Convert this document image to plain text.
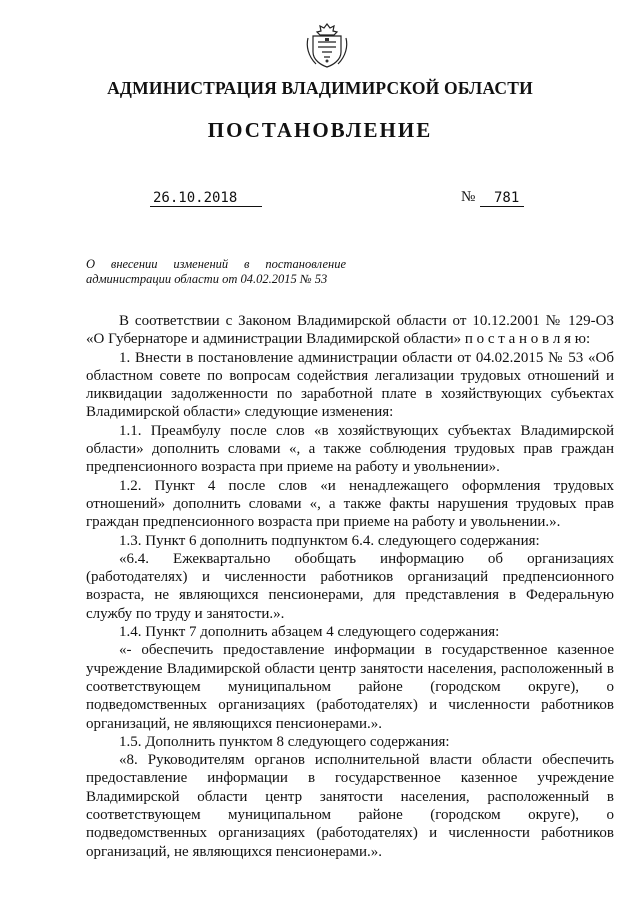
АДМИНИСТРАЦИЯ ВЛАДИМИРСКОЙ ОБЛАСТИ
ПОСТАНОВЛЕНИЕ
26.10.2018	№ 781
О внесении изменений в постановление администрации области от 04.02.2015 № 53

В соответствии с Законом Владимирской области от 10.12.2001 № 129-ОЗ «О Губернаторе и администрации Владимирской области» п о с т а н о в л я ю:

1. Внести в постановление администрации области от 04.02.2015 № 53 «Об областном совете по вопросам содействия легализации трудовых отношений и ликвидации задолженности по заработной плате в хозяйствующих субъектах Владимирской области» следующие изменения:

1.1. Преамбулу после слов «в хозяйствующих субъектах Владимирской области» дополнить словами «, а также соблюдения трудовых прав граждан предпенсионного возраста при приеме на работу и увольнении».

1.2. Пункт 4 после слов «и ненадлежащего оформления трудовых отношений» дополнить словами «, а также факты нарушения трудовых прав граждан предпенсионного возраста при приеме на работу и увольнении.».

1.3. Пункт 6 дополнить подпунктом 6.4. следующего содержания:

«6.4. Ежеквартально обобщать информацию об организациях (работодателях) и численности работников организаций предпенсионного возраста, не являющихся пенсионерами, для представления в Федеральную службу по труду и занятости.».

1.4. Пункт 7 дополнить абзацем 4 следующего содержания:

«- обеспечить предоставление информации в государственное казенное учреждение Владимирской области центр занятости населения, расположенный в соответствующем муниципальном районе (городском округе), о подведомственных организациях (работодателях) и численности работников организаций, не являющихся пенсионерами.».

1.5. Дополнить пунктом 8 следующего содержания:

«8. Руководителям органов исполнительной власти области обеспечить предоставление информации в государственное казенное учреждение Владимирской области центр занятости населения, расположенный в соответствующем муниципальном районе (городском округе), о подведомственных организациях (работодателях) и численности работников организаций, не являющихся пенсионерами.».
